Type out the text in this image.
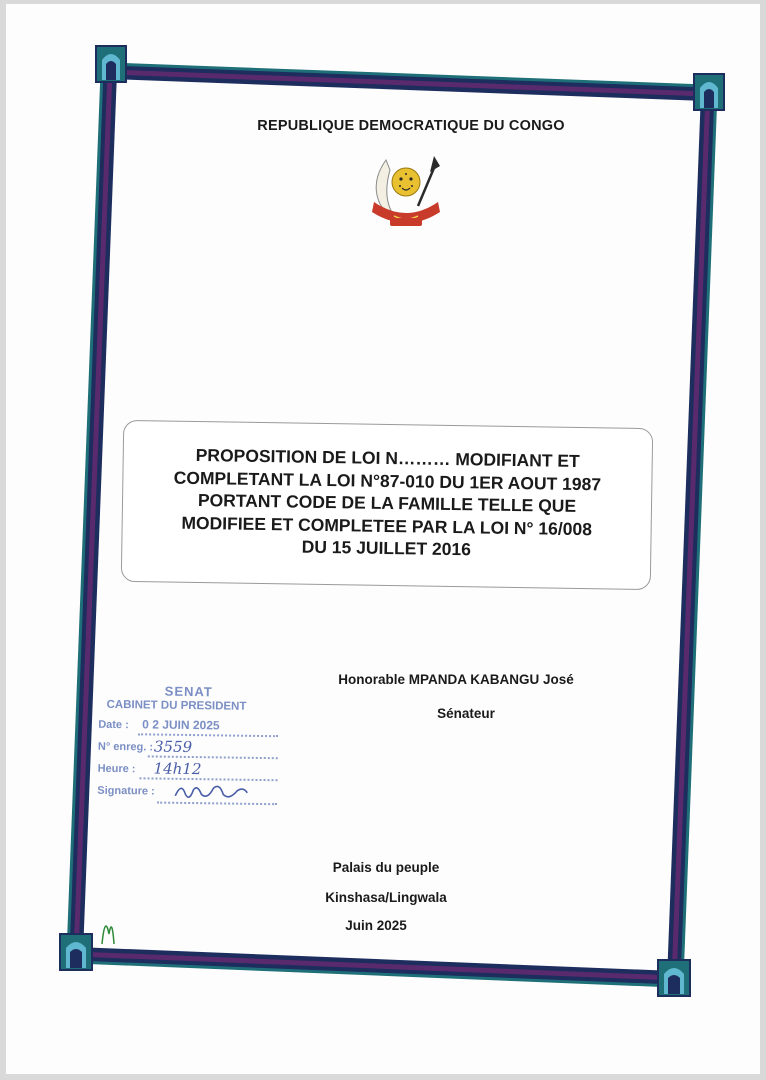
REPUBLIQUE DEMOCRATIQUE DU CONGO
PROPOSITION DE LOI N……… MODIFIANT ET
COMPLETANT LA LOI N°87-010 DU 1ER AOUT 1987
PORTANT CODE DE LA FAMILLE TELLE QUE
MODIFIEE ET COMPLETEE PAR LA LOI N° 16/008
DU 15 JUILLET 2016
Honorable MPANDA KABANGU José
Sénateur
SENAT
CABINET DU PRESIDENT
Date : 0 2 JUIN 2025
N° enreg. : 3559
Heure : 14h12
Signature :
Palais du peuple
Kinshasa/Lingwala
Juin 2025
